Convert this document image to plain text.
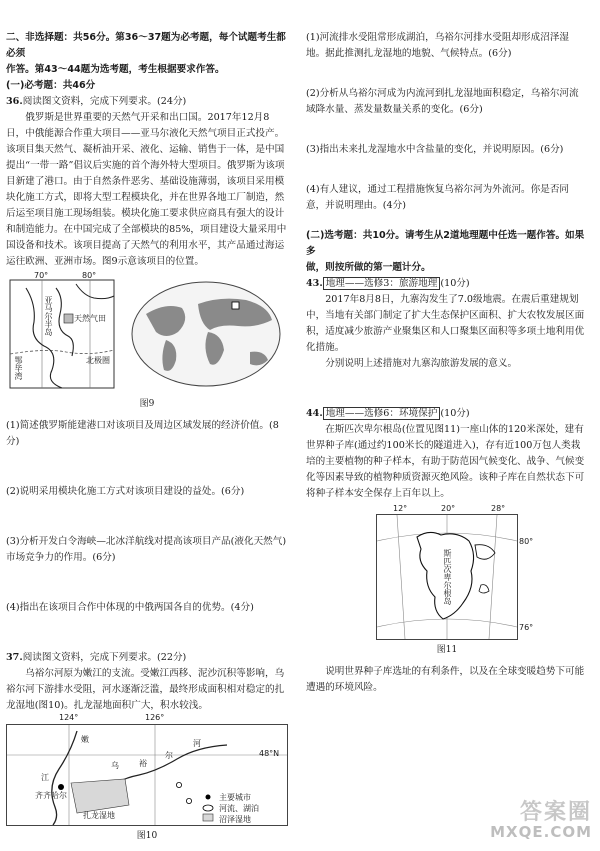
二、非选择题：共56分。第36～37题为必考题，每个试题考生都必须

作答。第43～44题为选考题，考生根据要求作答。

(一)必考题：共46分

36.阅读图文资料，完成下列要求。(24分)

俄罗斯是世界重要的天然气开采和出口国。2017年12月8日，中俄能源合作重大项目——亚马尔液化天然气项目正式投产。该项目集天然气、凝析油开采、液化、运输、销售于一体，是中国提出“一带一路”倡议后实施的首个海外特大型项目。俄罗斯为该项目新建了港口。由于自然条件恶劣、基础设施薄弱，该项目采用模块化施工方式，即将大型工程模块化，并在世界各地工厂制造，然后运至项目施工现场组装。模块化施工要求供应商具有强大的设计和制造能力。在中国完成了全部模块的85%，项目建设大量采用中国设备和技术。该项目提高了天然气的利用水平，其产品通过海运运往欧洲、亚洲市场。图9示意该项目的位置。

70°	80°
天然气田
亚马尔半岛
北极圈
鄂毕湾

图9

(1)简述俄罗斯能建港口对该项目及周边区域发展的经济价值。(8分)

(2)说明采用模块化施工方式对该项目建设的益处。(6分)

(3)分析开发白令海峡—北冰洋航线对提高该项目产品(液化天然气)市场竞争力的作用。(6分)

(4)指出在该项目合作中体现的中俄两国各自的优势。(4分)

37.阅读图文资料，完成下列要求。(22分)

乌裕尔河原为嫩江的支流。受嫩江西移、泥沙沉积等影响，乌裕尔河下游排水受阻，河水逐渐泛滥，最终形成面积相对稳定的扎龙湿地(图10)。扎龙湿地面积广大，积水较浅。

124°	126°
48°N
嫩
江
乌	裕
尔
河
齐齐哈尔
扎龙湿地
主要城市
河流、湖泊
沼泽湿地

图10

(1)河流排水受阻常形成湖泊，乌裕尔河排水受阻却形成沼泽湿地。据此推测扎龙湿地的地貌、气候特点。(6分)

(2)分析从乌裕尔河成为内流河到扎龙湿地面积稳定，乌裕尔河流域降水量、蒸发量数量关系的变化。(6分)

(3)指出未来扎龙湿地水中含盐量的变化，并说明原因。(6分)

(4)有人建议，通过工程措施恢复乌裕尔河为外流河。你是否同意，并说明理由。(4分)

(二)选考题：共10分。请考生从2道地理题中任选一题作答。如果多

做，则按所做的第一题计分。

43. 地理——选修3：旅游地理 (10分)

2017年8月8日，九寨沟发生了7.0级地震。在震后重建规划中，当地有关部门制定了扩大生态保护区面积、扩大农牧发展区面积，适度减少旅游产业聚集区和人口聚集区面积等多项土地利用优化措施。

分别说明上述措施对九寨沟旅游发展的意义。

44. 地理——选修6：环境保护 (10分)

在斯匹次卑尔根岛(位置见图11)一座山体的120米深处，建有世界种子库(通过约100米长的隧道进入)，存有近100万包人类栽培的主要植物的种子样本，有助于防范因气候变化、战争、气候变化等因素导致的植物种质资源灭绝风险。该种子库在自然状态下可将种子样本安全保存上百年以上。

12°	20°	28°
80°
76°
斯匹次卑尔根岛

图11

说明世界种子库选址的有利条件，以及在全球变暖趋势下可能遭遇的环境风险。

答案圈
MXQE.COM
